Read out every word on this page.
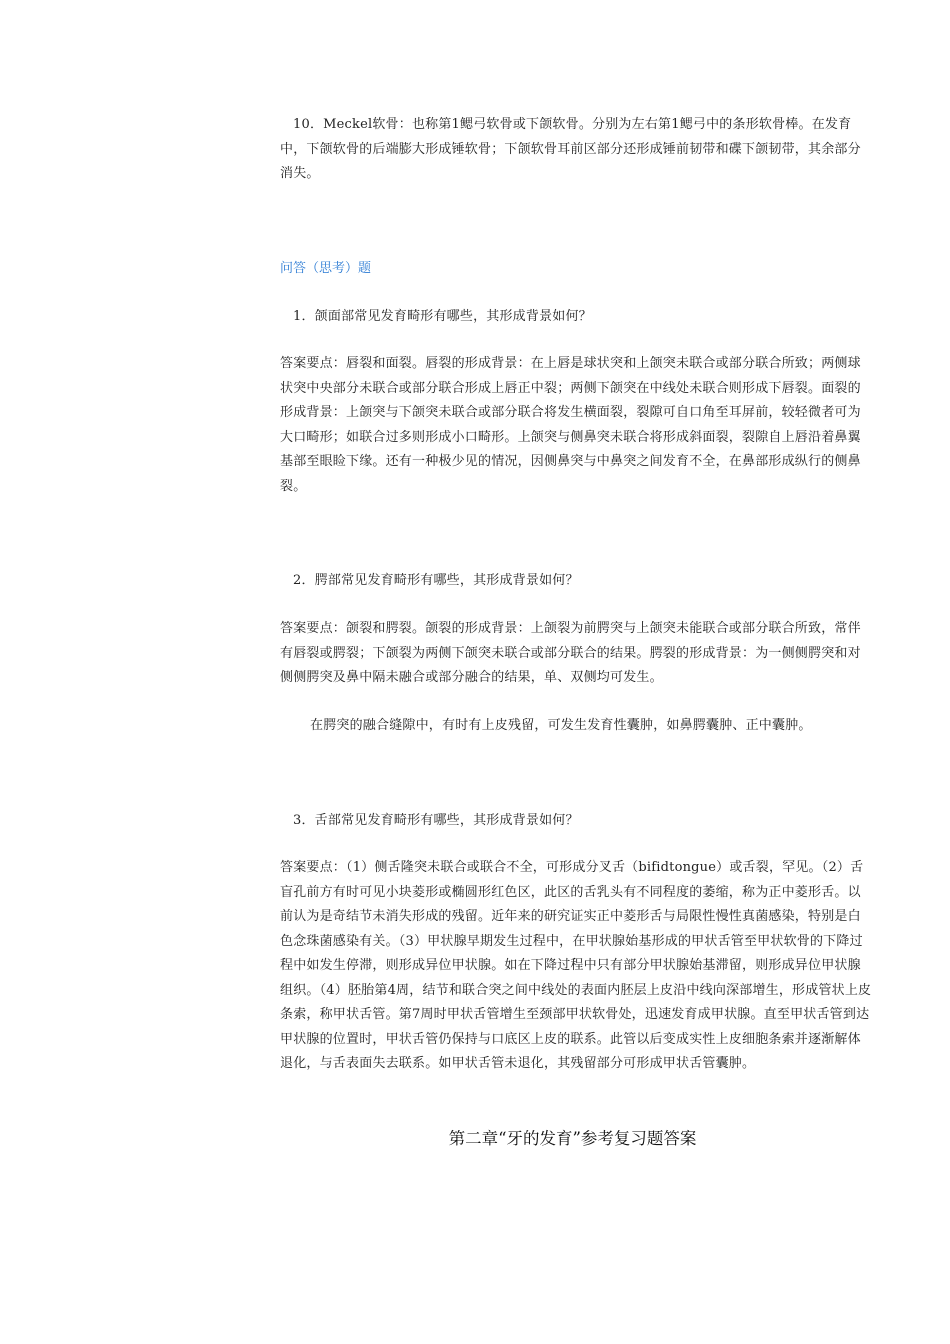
10．Meckel软骨：也称第1鳃弓软骨或下颌软骨。分别为左右第1鳃弓中的条形软骨棒。在发育中，下颌软骨的后端膨大形成锤软骨；下颌软骨耳前区部分还形成锤前韧带和碟下颌韧带，其余部分消失。

问答（思考）题

1．颌面部常见发育畸形有哪些，其形成背景如何？

答案要点：唇裂和面裂。唇裂的形成背景：在上唇是球状突和上颌突未联合或部分联合所致；两侧球状突中央部分未联合或部分联合形成上唇正中裂；两侧下颌突在中线处未联合则形成下唇裂。面裂的形成背景：上颌突与下颌突未联合或部分联合将发生横面裂，裂隙可自口角至耳屏前，较轻微者可为大口畸形；如联合过多则形成小口畸形。上颌突与侧鼻突未联合将形成斜面裂，裂隙自上唇沿着鼻翼基部至眼睑下缘。还有一种极少见的情况，因侧鼻突与中鼻突之间发育不全，在鼻部形成纵行的侧鼻裂。

2．腭部常见发育畸形有哪些，其形成背景如何？

答案要点：颌裂和腭裂。颌裂的形成背景：上颌裂为前腭突与上颌突未能联合或部分联合所致，常伴有唇裂或腭裂；下颌裂为两侧下颌突未联合或部分联合的结果。腭裂的形成背景：为一侧侧腭突和对侧侧腭突及鼻中隔未融合或部分融合的结果，单、双侧均可发生。

在腭突的融合缝隙中，有时有上皮残留，可发生发育性囊肿，如鼻腭囊肿、正中囊肿。

3．舌部常见发育畸形有哪些，其形成背景如何？

答案要点：（1）侧舌隆突未联合或联合不全，可形成分叉舌（bifidtongue）或舌裂，罕见。（2）舌盲孔前方有时可见小块菱形或椭圆形红色区，此区的舌乳头有不同程度的萎缩，称为正中菱形舌。以前认为是奇结节未消失形成的残留。近年来的研究证实正中菱形舌与局限性慢性真菌感染，特别是白色念珠菌感染有关。（3）甲状腺早期发生过程中，在甲状腺始基形成的甲状舌管至甲状软骨的下降过程中如发生停滞，则形成异位甲状腺。如在下降过程中只有部分甲状腺始基滞留，则形成异位甲状腺组织。（4）胚胎第4周，结节和联合突之间中线处的表面内胚层上皮沿中线向深部增生，形成管状上皮条索，称甲状舌管。第7周时甲状舌管增生至颈部甲状软骨处，迅速发育成甲状腺。直至甲状舌管到达甲状腺的位置时，甲状舌管仍保持与口底区上皮的联系。此管以后变成实性上皮细胞条索并逐渐解体退化，与舌表面失去联系。如甲状舌管未退化，其残留部分可形成甲状舌管囊肿。

第二章“牙的发育”参考复习题答案
